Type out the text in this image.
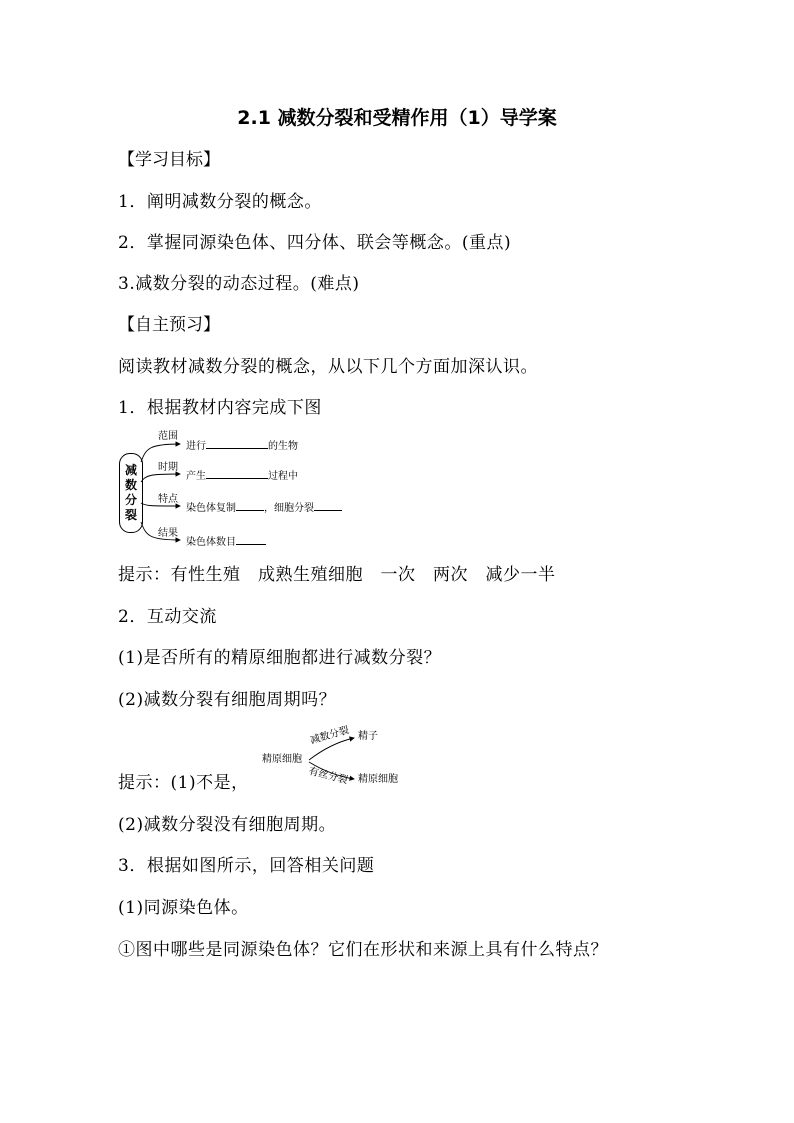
2.1 减数分裂和受精作用（1）导学案
【学习目标】
1．阐明减数分裂的概念。
2．掌握同源染色体、四分体、联会等概念。(重点)
3.减数分裂的动态过程。(难点)
【自主预习】
阅读教材减数分裂的概念，从以下几个方面加深认识。
1．根据教材内容完成下图
减
数
分
裂
范围
进行	的生物
时期
产生	过程中
特点
染色体复制	，细胞分裂
结果
染色体数目
提示：有性生殖　成熟生殖细胞　一次　两次　减少一半
2．互动交流
(1)是否所有的精原细胞都进行减数分裂？
(2)减数分裂有细胞周期吗？
精原细胞
减数分裂 精子
有丝分裂 精原细胞
提示：(1)不是，
(2)减数分裂没有细胞周期。
3．根据如图所示，回答相关问题
(1)同源染色体。
①图中哪些是同源染色体？它们在形状和来源上具有什么特点？
